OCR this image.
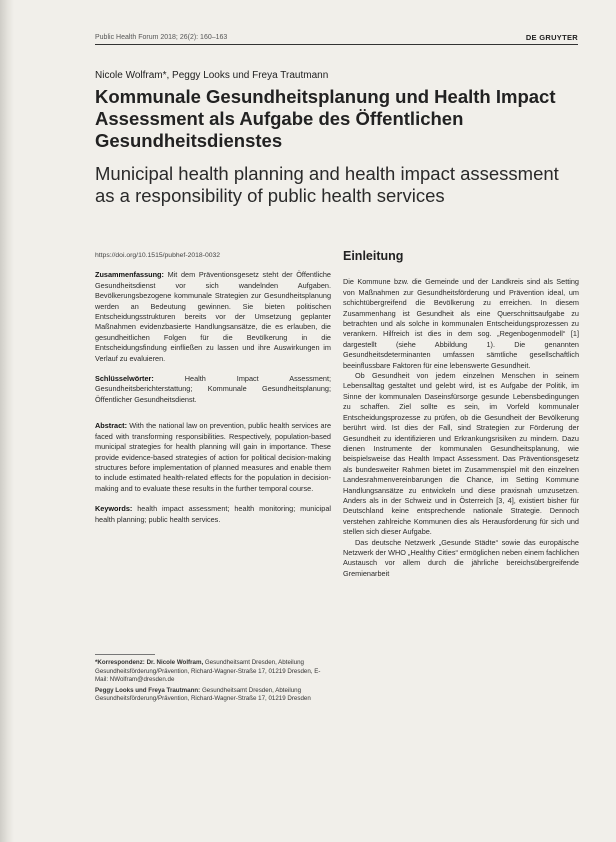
Public Health Forum 2018; 26(2): 160–163	DE GRUYTER
Nicole Wolfram*, Peggy Looks und Freya Trautmann
Kommunale Gesundheitsplanung und Health Impact Assessment als Aufgabe des Öffentlichen Gesundheitsdienstes
Municipal health planning and health impact assessment as a responsibility of public health services
https://doi.org/10.1515/pubhef-2018-0032

Zusammenfassung: Mit dem Präventionsgesetz steht der Öffentliche Gesundheitsdienst vor sich wandelnden Aufgaben. Bevölkerungsbezogene kommunale Strategien zur Gesundheitsplanung werden an Bedeutung gewinnen. Sie bieten politischen Entscheidungsstrukturen bereits vor der Umsetzung geplanter Maßnahmen evidenzbasierte Handlungsansätze, die es erlauben, die gesundheitlichen Folgen für die Bevölkerung in die Entscheidungsfindung einfließen zu lassen und ihre Auswirkungen im Verlauf zu evaluieren.

Schlüsselwörter:	Health Impact Assessment; Gesundheitsberichterstattung; Kommunale Gesundheitsplanung; Öffentlicher Gesundheitsdienst.

Abstract: With the national law on prevention, public health services are faced with transforming responsibilities. Respectively, population-based municipal strategies for health planning will gain in importance. These provide evidence-based strategies of action for political decision-making structures before implementation of planned measures and enable them to include estimated health-related effects for the population in decision-making and to evaluate these results in the further temporal course.

Keywords: health impact assessment; health monitoring; municipal health planning; public health services.

*Korrespondenz: Dr. Nicole Wolfram, Gesundheitsamt Dresden, Abteilung Gesundheitsförderung/Prävention, Richard-Wagner-Straße 17, 01219 Dresden, E-Mail: NWolfram@dresden.de

Peggy Looks und Freya Trautmann: Gesundheitsamt Dresden, Abteilung Gesundheitsförderung/Prävention, Richard-Wagner-Straße 17, 01219 Dresden

Einleitung

Die Kommune bzw. die Gemeinde und der Landkreis sind als Setting von Maßnahmen zur Gesundheitsförderung und Prävention ideal, um schichtübergreifend die Bevölkerung zu erreichen. In diesem Zusammenhang ist Gesundheit als eine Querschnittsaufgabe zu betrachten und als solche in kommunalen Entscheidungsprozessen zu verankern. Hilfreich ist dies in dem sog. „Regenbogenmodell“ [1] dargestellt (siehe Abbildung 1). Die genannten Gesundheitsdeterminanten umfassen sämtliche gesellschaftlich beeinflussbare Faktoren für eine lebenswerte Gesundheit.

Ob Gesundheit von jedem einzelnen Menschen in seinem Lebensalltag gestaltet und gelebt wird, ist es Aufgabe der Politik, im Sinne der kommunalen Daseinsfürsorge gesunde Lebensbedingungen zu schaffen. Ziel sollte es sein, im Vorfeld kommunaler Entscheidungsprozesse zu prüfen, ob die Gesundheit der Bevölkerung berührt wird. Ist dies der Fall, sind Strategien zur Förderung der Gesundheit zu identifizieren und Erkrankungsrisiken zu mindern. Dazu dienen Instrumente der kommunalen Gesundheitsplanung, wie beispielsweise das Health Impact Assessment. Das Präventionsgesetz als bundesweiter Rahmen bietet im Zusammenspiel mit den einzelnen Landesrahmenvereinbarungen die Chance, im Setting Kommune Handlungsansätze zu entwickeln und diese praxisnah umzusetzen. Anders als in der Schweiz und in Österreich [3, 4], existiert bisher für Deutschland keine entsprechende nationale Strategie. Dennoch verstehen zahlreiche Kommunen dies als Herausforderung für sich und stellen sich dieser Aufgabe.

Das deutsche Netzwerk „Gesunde Städte“ sowie das europäische Netzwerk der WHO „Healthy Cities“ ermöglichen neben einem fachlichen Austausch vor allem durch die jährliche bereichsübergreifende Gremienarbeit
